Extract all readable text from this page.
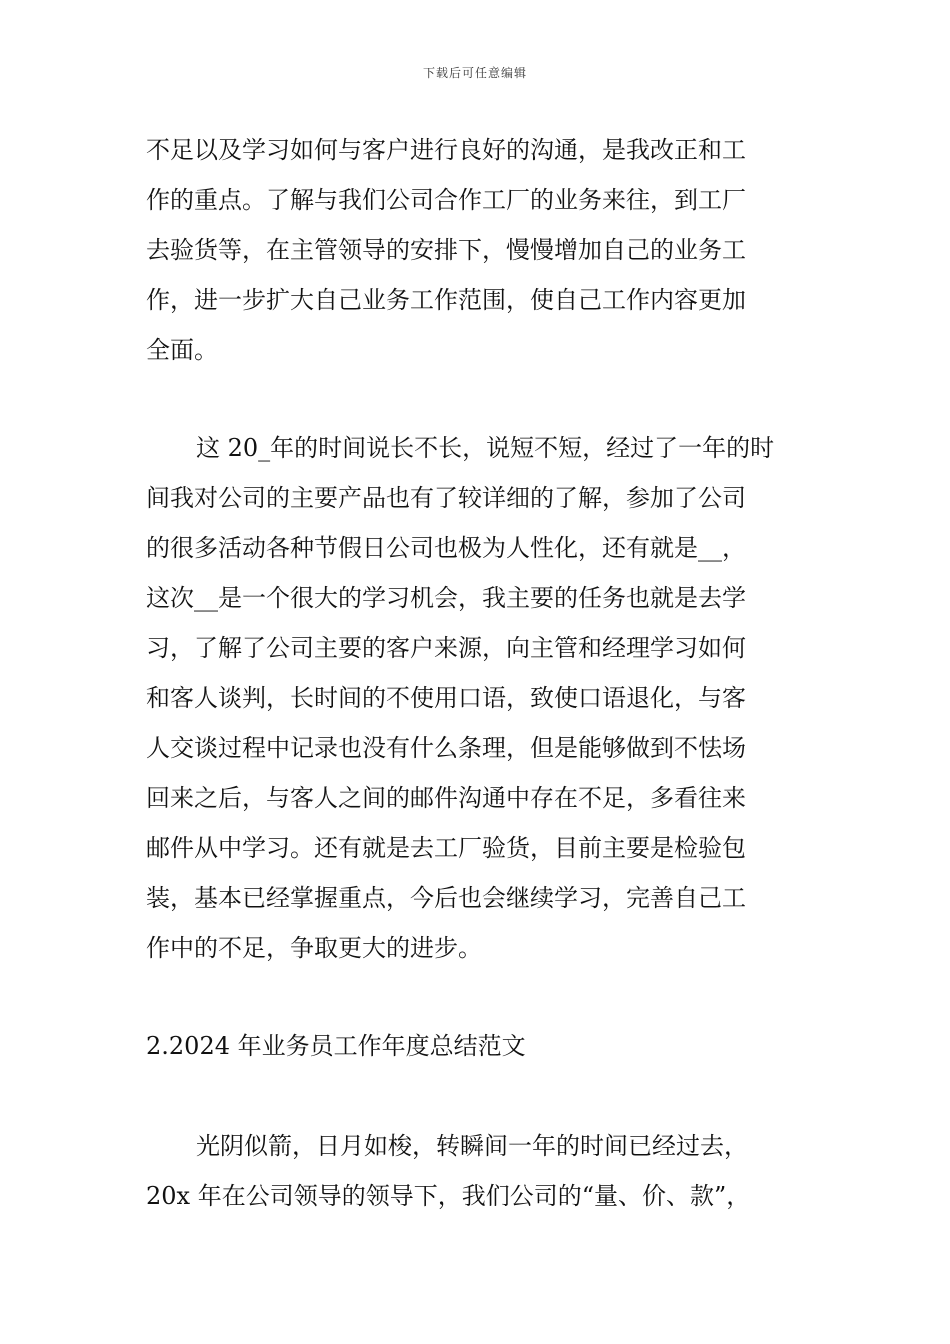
下载后可任意编辑

不足以及学习如何与客户进行良好的沟通，是我改正和工

作的重点。了解与我们公司合作工厂的业务来往，到工厂

去验货等，在主管领导的安排下，慢慢增加自己的业务工

作，进一步扩大自己业务工作范围，使自己工作内容更加

全面。

这 20_年的时间说长不长，说短不短，经过了一年的时

间我对公司的主要产品也有了较详细的了解，参加了公司

的很多活动各种节假日公司也极为人性化，还有就是__，

这次__是一个很大的学习机会，我主要的任务也就是去学

习，了解了公司主要的客户来源，向主管和经理学习如何

和客人谈判，长时间的不使用口语，致使口语退化，与客

人交谈过程中记录也没有什么条理，但是能够做到不怯场

回来之后，与客人之间的邮件沟通中存在不足，多看往来

邮件从中学习。还有就是去工厂验货，目前主要是检验包

装，基本已经掌握重点，今后也会继续学习，完善自己工

作中的不足，争取更大的进步。

2.2024 年业务员工作年度总结范文

光阴似箭，日月如梭，转瞬间一年的时间已经过去，

20x 年在公司领导的领导下，我们公司的“量、价、款”，
